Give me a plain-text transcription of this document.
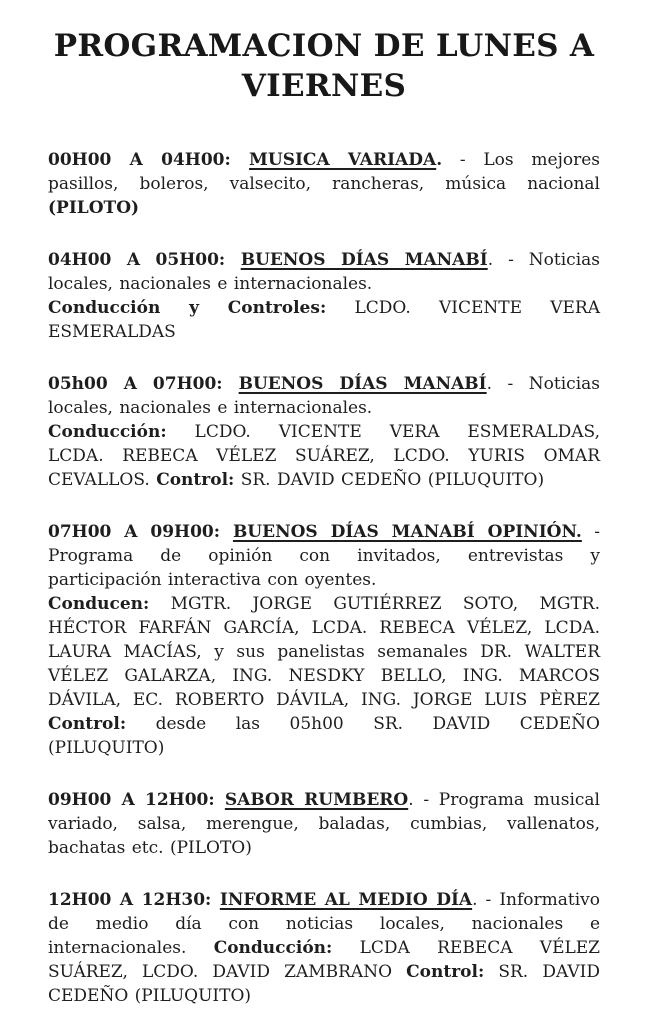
PROGRAMACION DE LUNES A
VIERNES
00H00 A 04H00: MUSICA VARIADA. - Los mejores
pasillos, boleros, valsecito, rancheras, música nacional
(PILOTO)
04H00 A 05H00: BUENOS DÍAS MANABÍ. - Noticias
locales, nacionales e internacionales.
Conducción y Controles: LCDO. VICENTE VERA
ESMERALDAS
05h00 A 07H00: BUENOS DÍAS MANABÍ. - Noticias
locales, nacionales e internacionales.
Conducción: LCDO. VICENTE VERA ESMERALDAS,
LCDA. REBECA VÉLEZ SUÁREZ, LCDO. YURIS OMAR
CEVALLOS. Control: SR. DAVID CEDEÑO (PILUQUITO)
07H00 A 09H00: BUENOS DÍAS MANABÍ OPINIÓN. -
Programa de opinión con invitados, entrevistas y
participación interactiva con oyentes.
Conducen: MGTR. JORGE GUTIÉRREZ SOTO, MGTR.
HÉCTOR FARFÁN GARCÍA, LCDA. REBECA VÉLEZ, LCDA.
LAURA MACÍAS, y sus panelistas semanales DR. WALTER
VÉLEZ GALARZA, ING. NESDKY BELLO, ING. MARCOS
DÁVILA, EC. ROBERTO DÁVILA, ING. JORGE LUIS PÈREZ
Control: desde las 05h00 SR. DAVID CEDEÑO
(PILUQUITO)
09H00 A 12H00: SABOR RUMBERO. - Programa musical
variado, salsa, merengue, baladas, cumbias, vallenatos,
bachatas etc. (PILOTO)
12H00 A 12H30: INFORME AL MEDIO DÍA. - Informativo
de medio día con noticias locales, nacionales e
internacionales. Conducción: LCDA REBECA VÉLEZ
SUÁREZ, LCDO. DAVID ZAMBRANO Control: SR. DAVID
CEDEÑO (PILUQUITO)
